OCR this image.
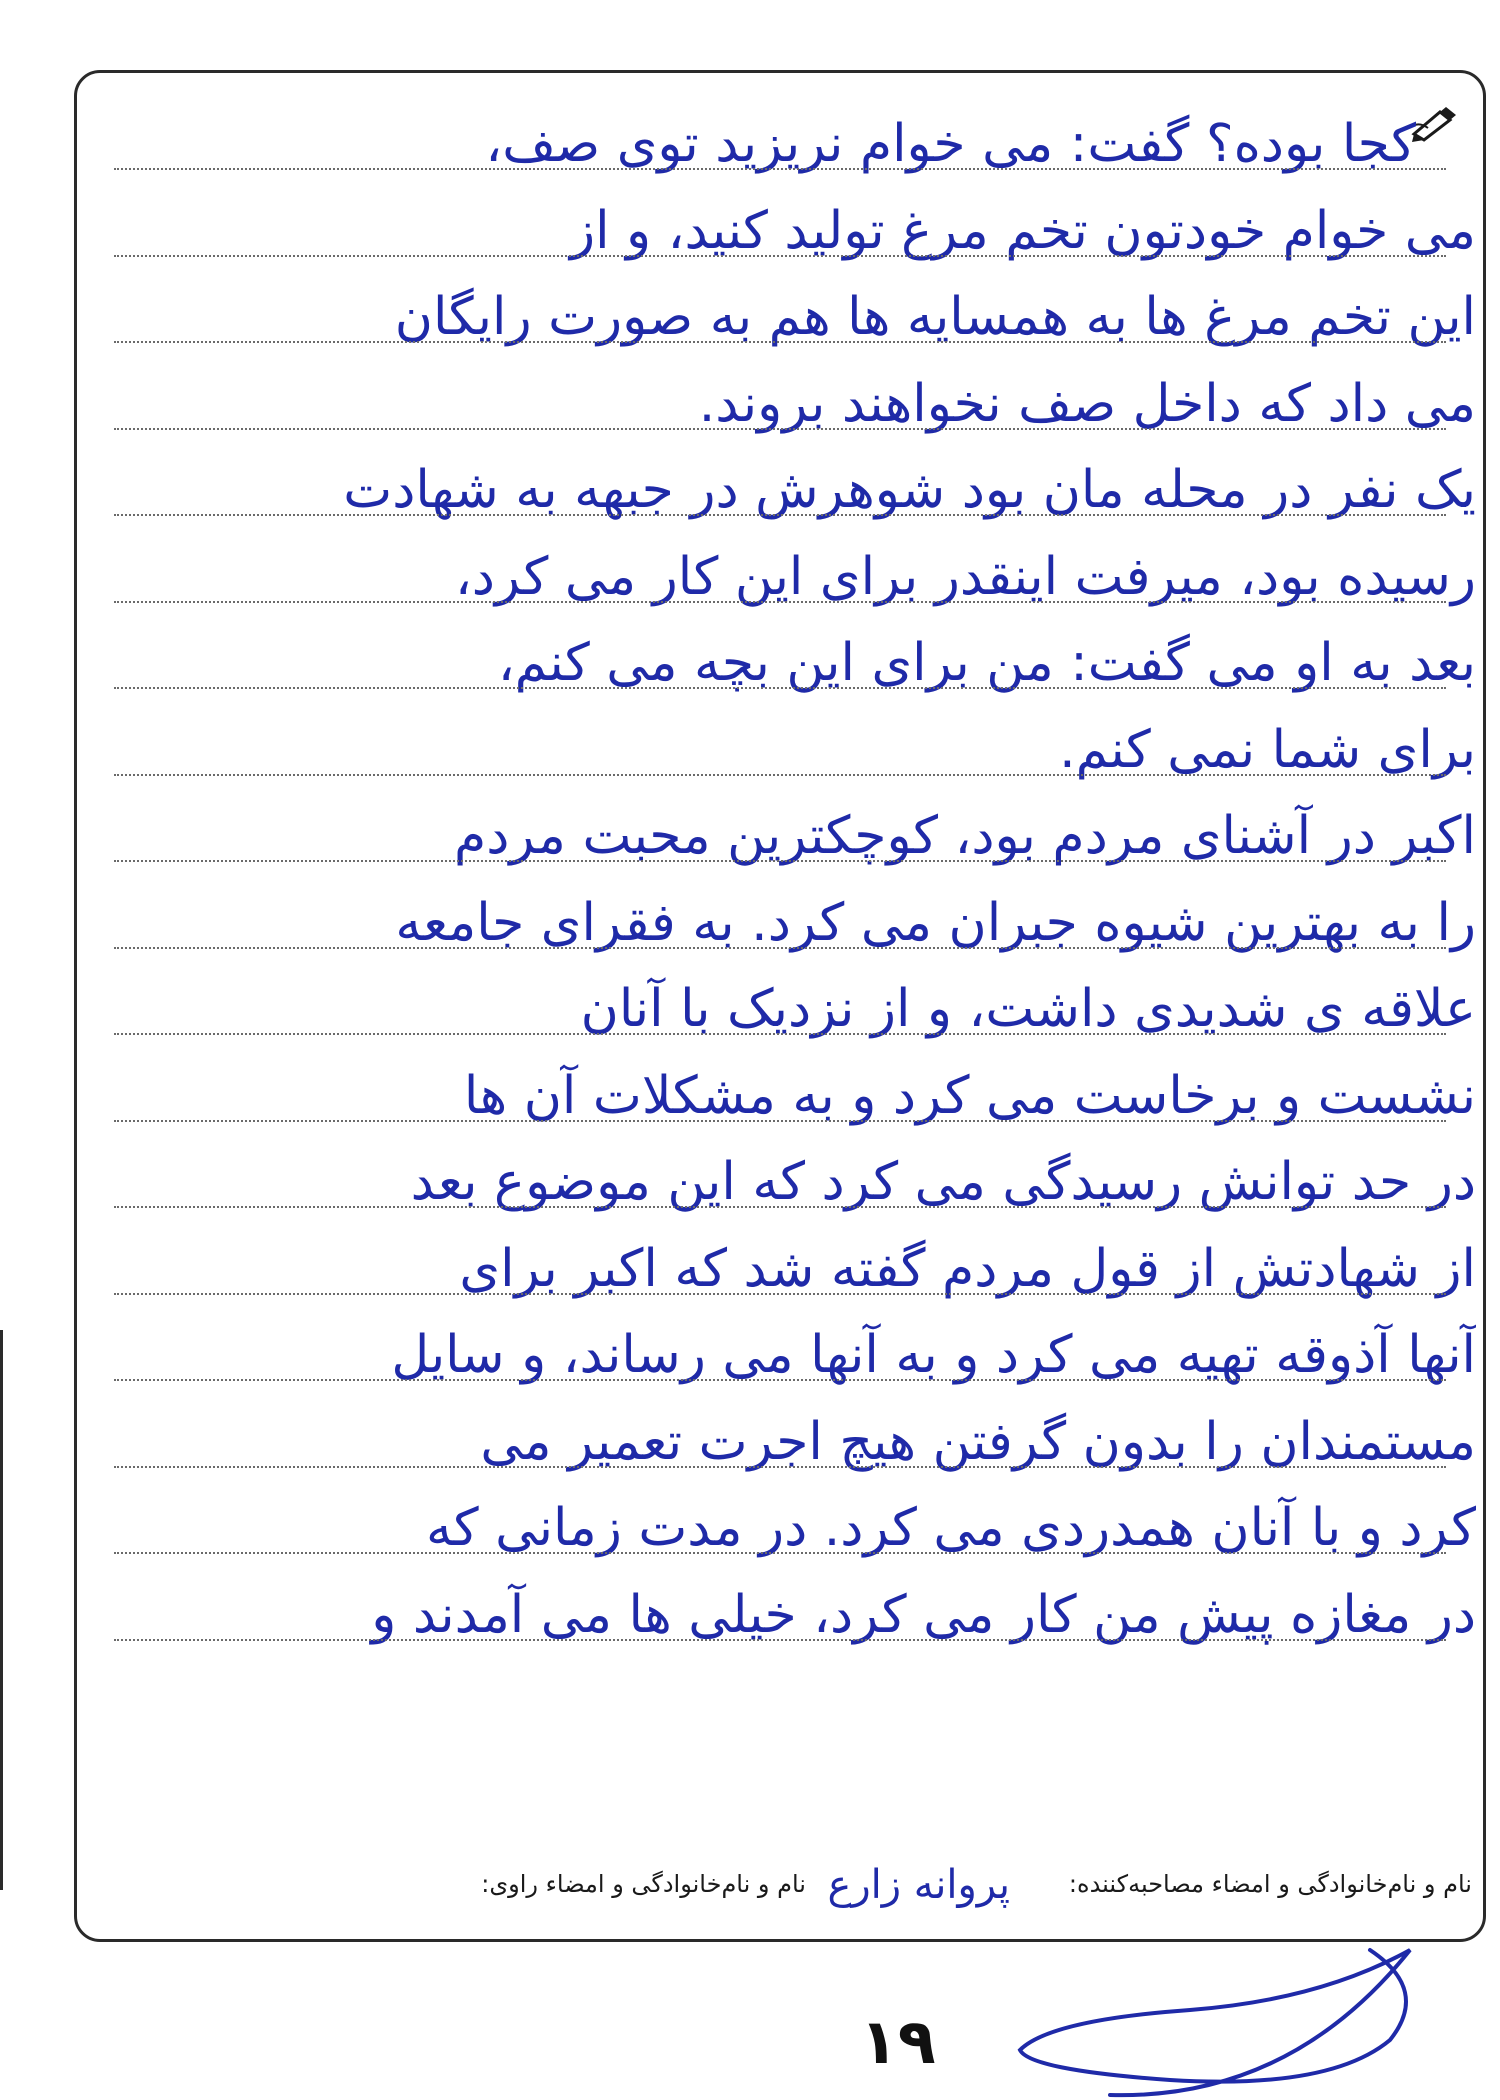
کجا بوده؟ گفت: می خوام نریزید توی صف،
می خوام خودتون تخم مرغ تولید کنید، و از
این تخم مرغ ها به همسایه ها هم به صورت رایگان
می داد که داخل صف نخواهند بروند.
یک نفر در محله مان بود شوهرش در جبهه به شهادت
رسیده بود، میرفت اینقدر برای این کار می کرد،
بعد به او می گفت: من برای این بچه می کنم،
برای شما نمی کنم.
اکبر در آشنای مردم بود، کوچکترین محبت مردم
را به بهترین شیوه جبران می کرد. به فقرای جامعه
علاقه ی شدیدی داشت، و از نزدیک با آنان
نشست و برخاست می کرد و به مشکلات آن ها
در حد توانش رسیدگی می کرد که این موضوع بعد
از شهادتش از قول مردم گفته شد که اکبر برای
آنها آذوقه تهیه می کرد و به آنها می رساند، و سایل
مستمندان را بدون گرفتن هیچ اجرت تعمیر می
کرد و با آنان همدردی می کرد. در مدت زمانی که
در مغازه پیش من کار می کرد، خیلی ها می آمدند و
نام و نام‌خانوادگی و امضاء مصاحبه‌کننده:
پروانه زارع
نام و نام‌خانوادگی و امضاء راوی:
۱۹
